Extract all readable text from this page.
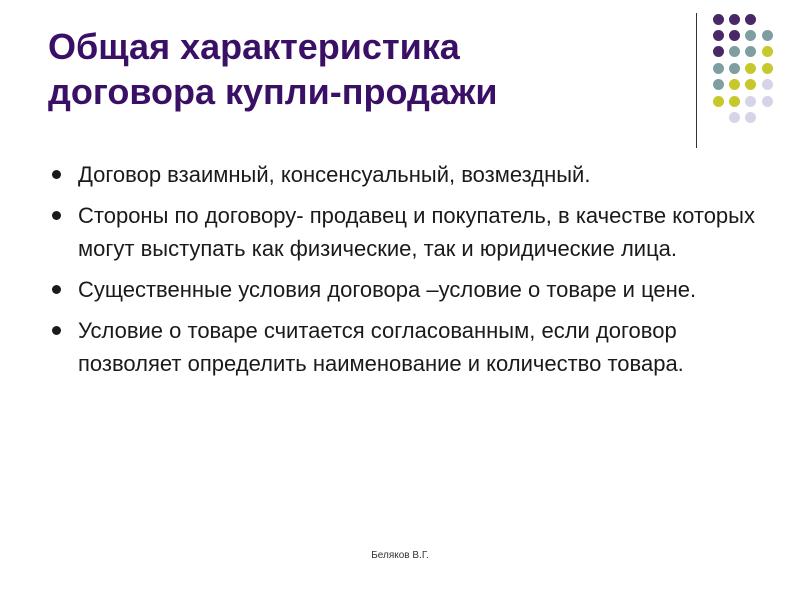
Общая характеристика
договора купли-продажи
Договор взаимный, консенсуальный, возмездный.
Стороны по договору- продавец и покупатель, в качестве которых могут выступать как физические, так и юридические лица.
Существенные условия договора –условие о товаре и цене.
Условие о товаре считается согласованным, если договор позволяет определить наименование и количество товара.
Беляков В.Г.
